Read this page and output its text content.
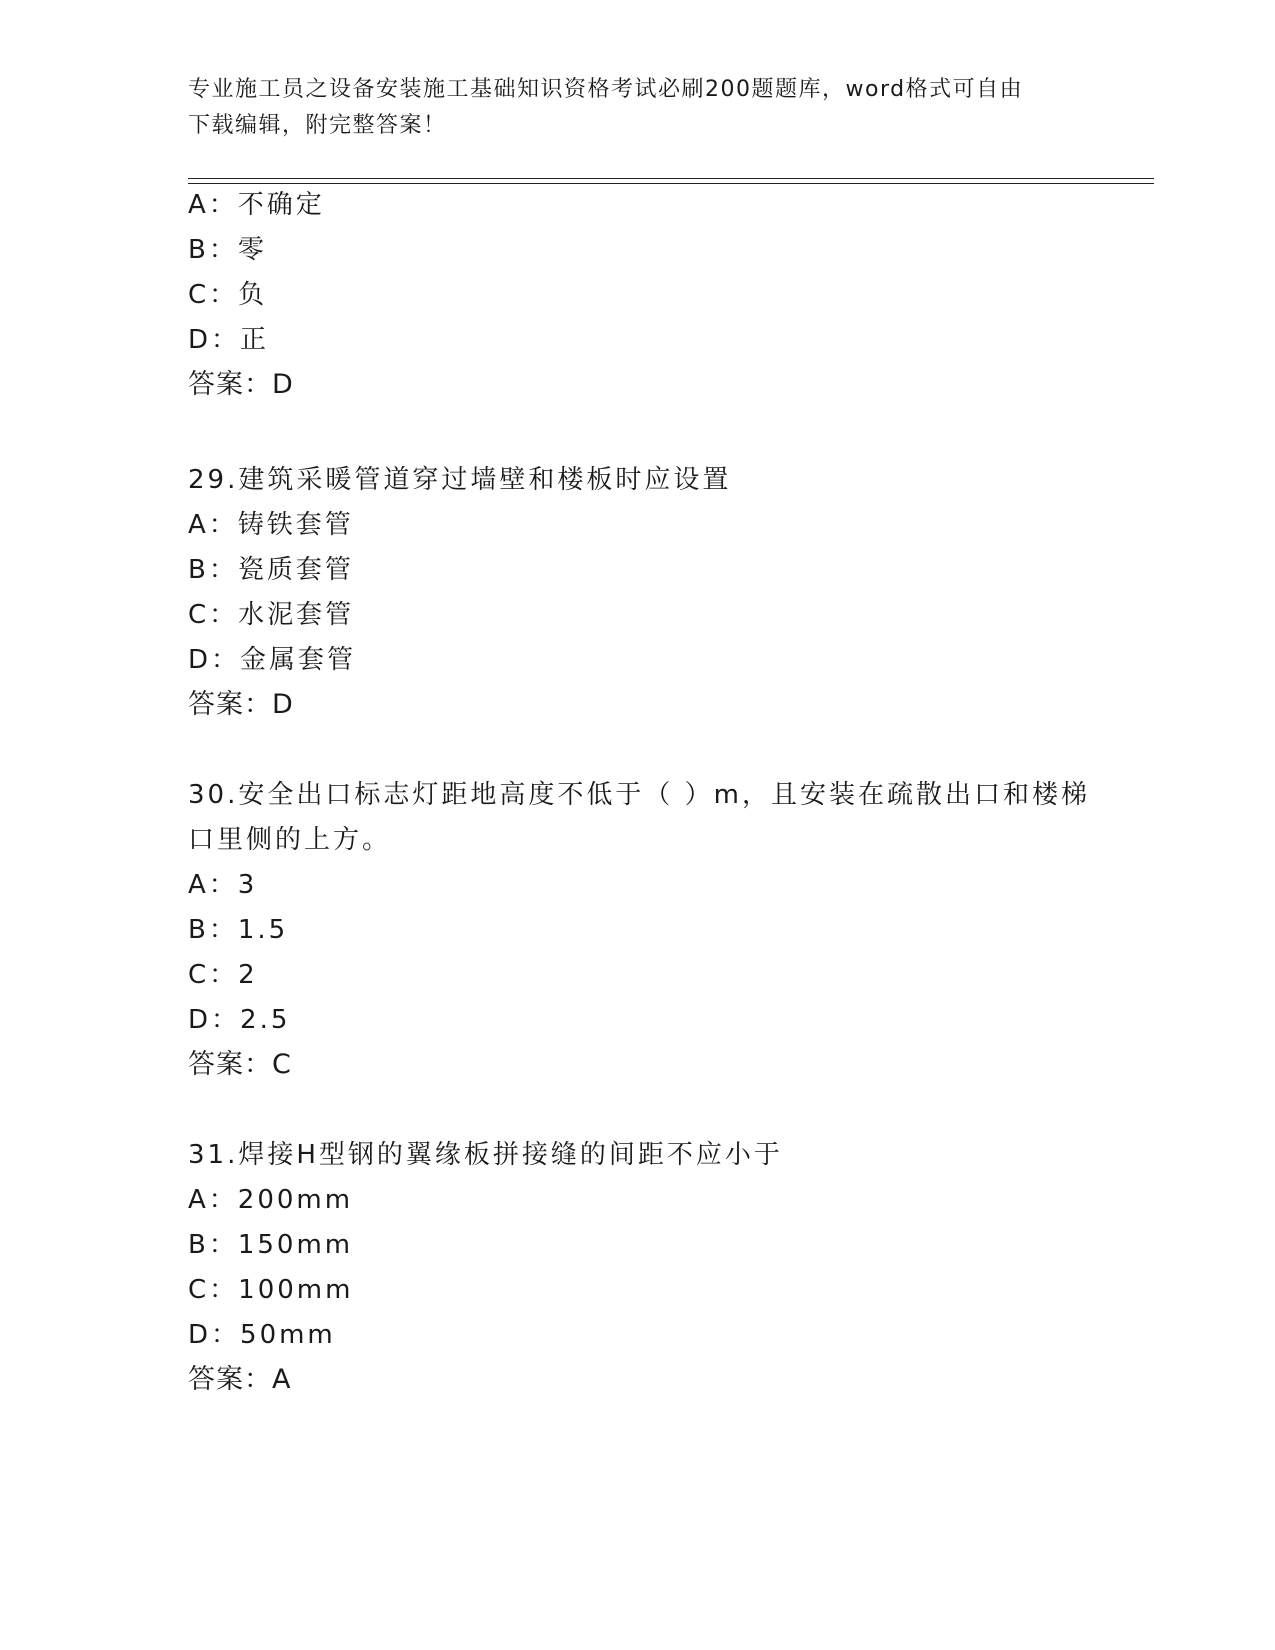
专业施工员之设备安装施工基础知识资格考试必刷200题题库，word格式可自由
下载编辑，附完整答案！
A：不确定
B：零
C：负
D：正
答案：D
29.建筑采暖管道穿过墙壁和楼板时应设置
A：铸铁套管
B：瓷质套管
C：水泥套管
D：金属套管
答案：D
30.安全出口标志灯距地高度不低于（ ）m，且安装在疏散出口和楼梯
口里侧的上方。
A：3
B：1.5
C：2
D：2.5
答案：C
31.焊接H型钢的翼缘板拼接缝的间距不应小于
A：200mm
B：150mm
C：100mm
D：50mm
答案：A
